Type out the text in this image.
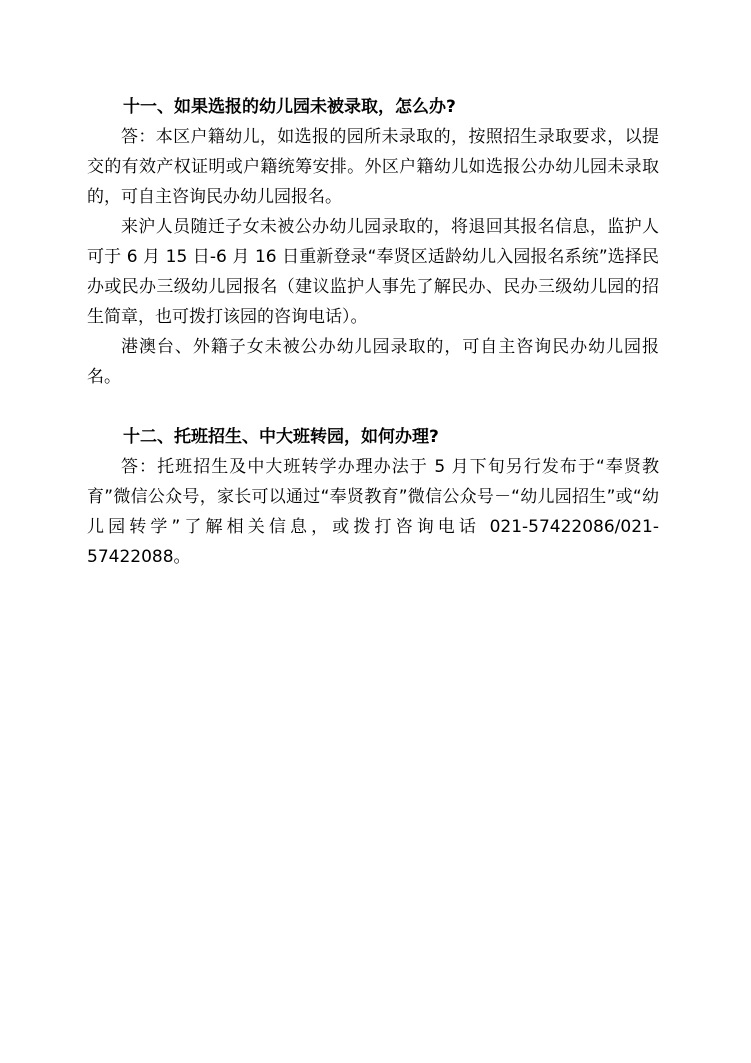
十一、如果选报的幼儿园未被录取，怎么办?

答：本区户籍幼儿，如选报的园所未录取的，按照招生录取要求，以提交的有效产权证明或户籍统筹安排。外区户籍幼儿如选报公办幼儿园未录取的，可自主咨询民办幼儿园报名。

来沪人员随迁子女未被公办幼儿园录取的，将退回其报名信息，监护人可于 6 月 15 日-6 月 16 日重新登录“奉贤区适龄幼儿入园报名系统”选择民办或民办三级幼儿园报名（建议监护人事先了解民办、民办三级幼儿园的招生简章，也可拨打该园的咨询电话）。

港澳台、外籍子女未被公办幼儿园录取的，可自主咨询民办幼儿园报名。

十二、托班招生、中大班转园，如何办理?

答：托班招生及中大班转学办理办法于 5 月下旬另行发布于“奉贤教育”微信公众号，家长可以通过“奉贤教育”微信公众号－“幼儿园招生”或“幼儿园转学”了解相关信息，或拨打咨询电话 021-57422086/021-57422088。
